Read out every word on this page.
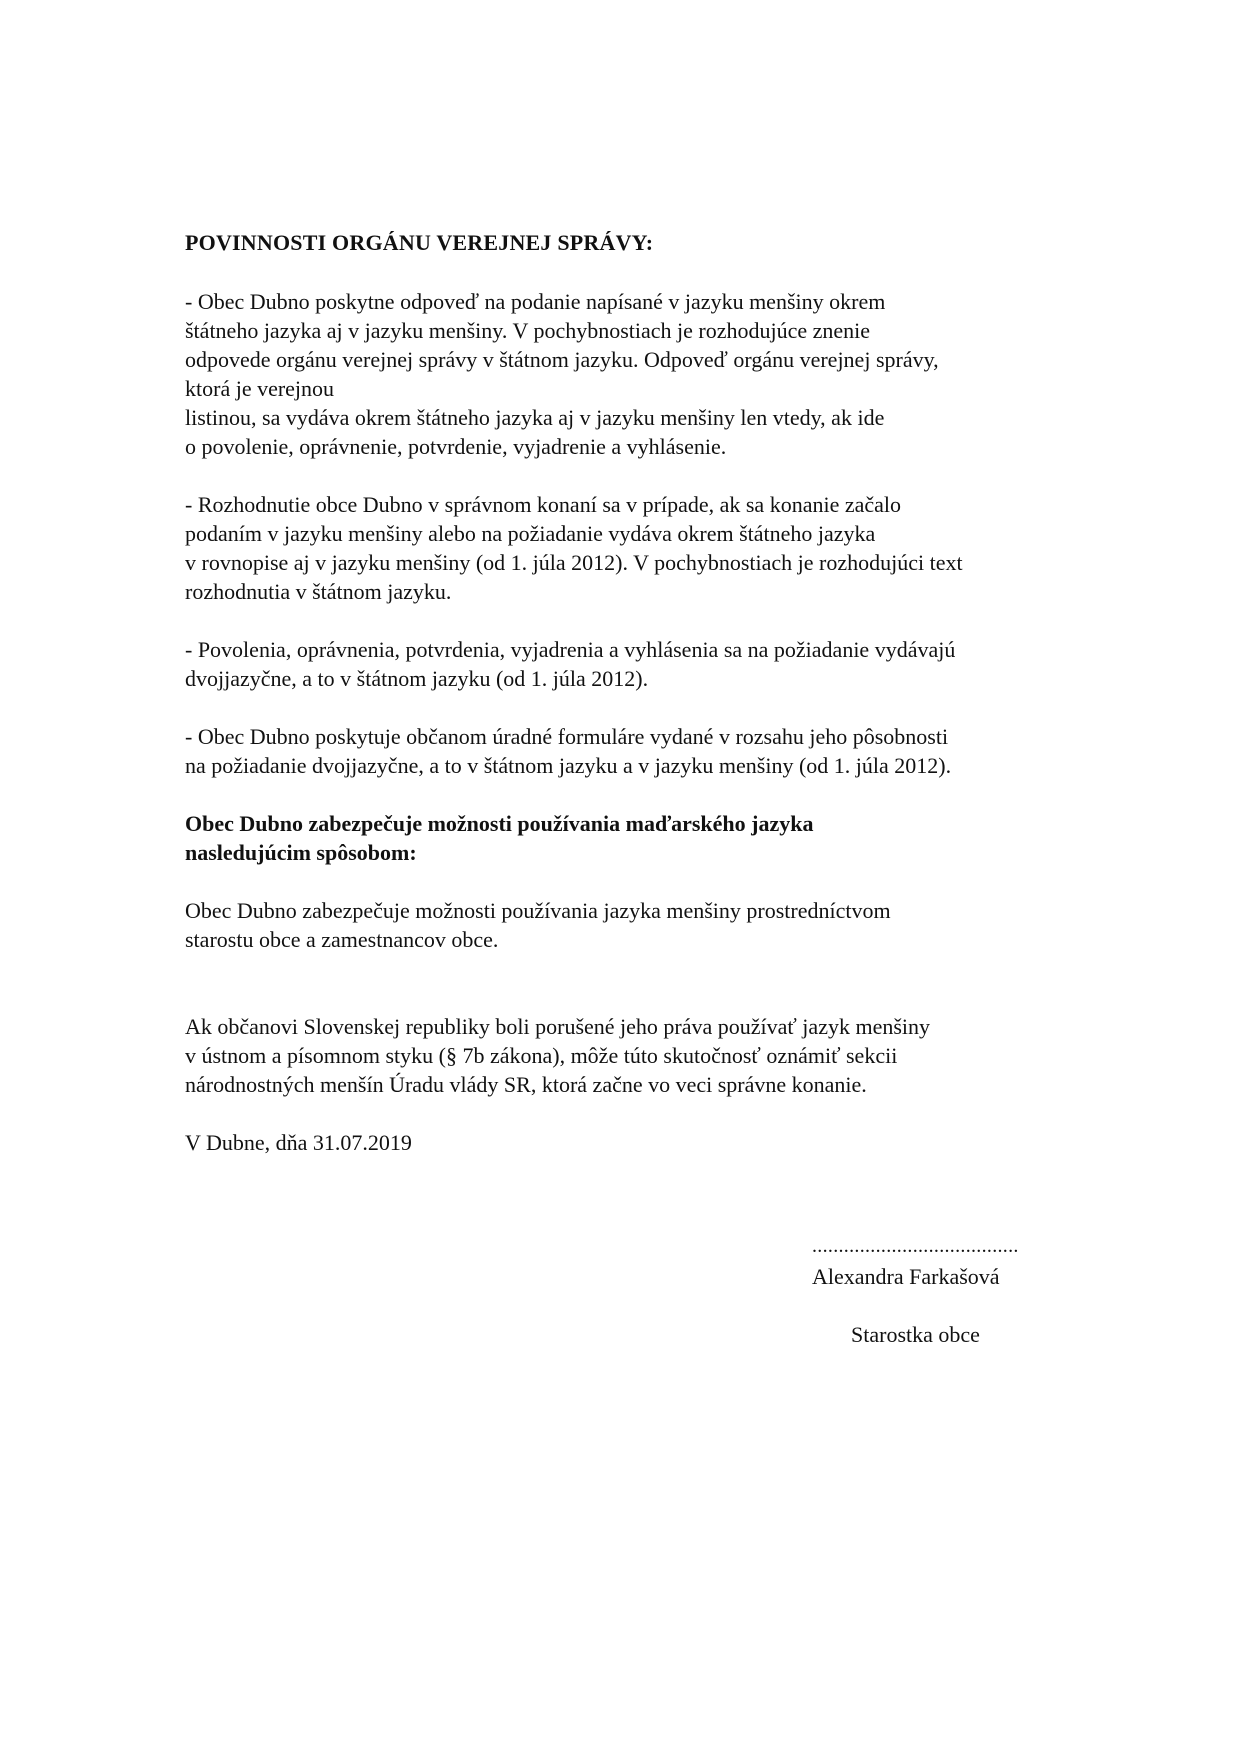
POVINNOSTI ORGÁNU VEREJNEJ SPRÁVY:
- Obec Dubno poskytne odpoveď na podanie napísané v jazyku menšiny okrem
štátneho jazyka aj v jazyku menšiny. V pochybnostiach je rozhodujúce znenie
odpovede orgánu verejnej správy v štátnom jazyku. Odpoveď orgánu verejnej správy,
ktorá je verejnou
listinou, sa vydáva okrem štátneho jazyka aj v jazyku menšiny len vtedy, ak ide
o povolenie, oprávnenie, potvrdenie, vyjadrenie a vyhlásenie.
- Rozhodnutie obce Dubno v správnom konaní sa v prípade, ak sa konanie začalo
podaním v jazyku menšiny alebo na požiadanie vydáva okrem štátneho jazyka
v rovnopise aj v jazyku menšiny (od 1. júla 2012). V pochybnostiach je rozhodujúci text
rozhodnutia v štátnom jazyku.
- Povolenia, oprávnenia, potvrdenia, vyjadrenia a vyhlásenia sa na požiadanie vydávajú
dvojjazyčne, a to v štátnom jazyku (od 1. júla 2012).
- Obec Dubno poskytuje občanom úradné formuláre vydané v rozsahu jeho pôsobnosti
na požiadanie dvojjazyčne, a to v štátnom jazyku a v jazyku menšiny (od 1. júla 2012).
Obec Dubno zabezpečuje možnosti používania maďarského jazyka
nasledujúcim spôsobom:
Obec Dubno zabezpečuje možnosti používania jazyka menšiny prostredníctvom
starostu obce a zamestnancov obce.
Ak občanovi Slovenskej republiky boli porušené jeho práva používať jazyk menšiny
v ústnom a písomnom styku (§ 7b zákona), môže túto skutočnosť oznámiť sekcii
národnostných menšín Úradu vlády SR, ktorá začne vo veci správne konanie.
V Dubne, dňa 31.07.2019
.......................................
Alexandra Farkašová
Starostka obce
